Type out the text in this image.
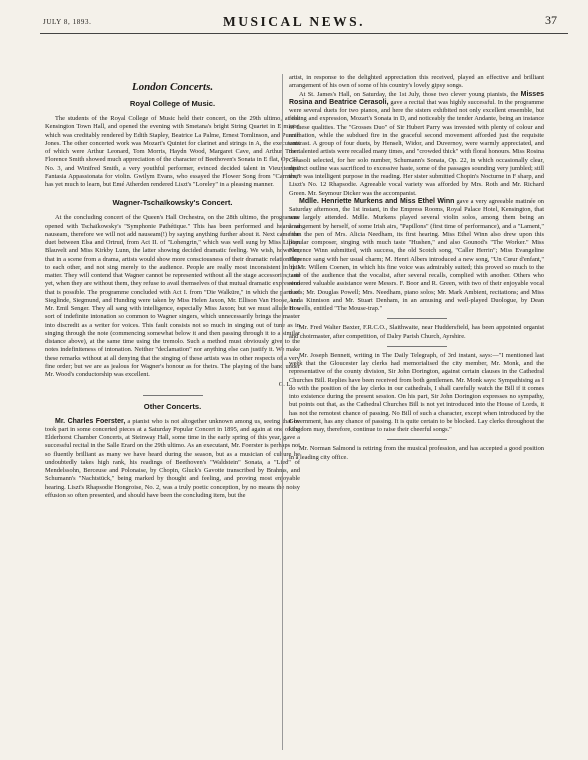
JULY 8, 1893.	MUSICAL NEWS.	37
London Concerts.
Royal College of Music.

The students of the Royal College of Music held their concert, on the 29th ultimo, at the Kensington Town Hall, and opened the evening with Smetana's bright String Quartet in E minor, which was creditably rendered by Edith Stapley, Beatrice La Palme, Ernest Tomlinson, and Purcell Jones. The other concerted work was Mozart's Quintet for clarinet and strings in A, the executants of which were Arthur Leonard, Tom Morris, Haydn Wood, Margaret Cave, and Arthur Treer. Florence Smith showed much appreciation of the character of Beethoven's Sonata in E flat, Op. 31, No. 3, and Winifred Smith, a very youthful performer, evinced decided talent in Vieuxtemps' Fantasia Appassionata for violin. Gwilym Evans, who essayed the Flower Song from "Carmen," has yet much to learn, but Emé Atherden rendered Liszt's "Loreley" in a pleasing manner.

Wagner-Tschaïkowsky's Concert.

At the concluding concert of the Queen's Hall Orchestra, on the 28th ultimo, the programme opened with Tschaïkowsky's "Symphonie Pathétique." This has been performed and heard ad nauseam, therefore we will not add nauseam(!) by saying anything further about it. Next came the duet between Elsa and Ortrud, from Act II. of "Lohengrin," which was well sung by Miss Lillian Blauvelt and Miss Kirkby Lunn, the latter showing decided dramatic feeling. We wish, however, that in a scene from a drama, artists would show more consciousness of their dramatic relationship to each other, and not sing merely to the audience. People are really most inconsistent in this matter. They will contend that Wagner cannot be represented without all the stage accessories; and yet, when they are without them, they refuse to avail themselves of that mutual dramatic expression that is possible. The programme concluded with Act I. from "Die Walküre," in which the parts of Sieglinde, Siegmund, and Hunding were taken by Miss Helen Jaxon, Mr. Ellison Van Hoose, and Mr. Emil Senger. They all sang with intelligence, especially Miss Jaxon; but we must allude to a sort of indefinite intonation so common to Wagner singers, which unnecessarily brings the master into discredit as a writer for voices. This fault consists not so much in singing out of tune as in singing through the note (commencing somewhat below it and then passing through it to a similar distance above), at the same time using the tremolo. Such a method must obviously give to the notes indefiniteness of intonation. Neither "declamation" nor anything else can justify it. We make these remarks without at all denying that the singing of these artists was in other respects of a very fine order; but we are as jealous for Wagner's honour as for theirs. The playing of the band under Mr. Wood's conductorship was excellent.

G. L.
Other Concerts.

Mr. Charles Foerster, a pianist who is not altogether unknown among us, seeing that he took part in some concerted pieces at a Saturday Popular Concert in 1895, and again at one of the Elderhorst Chamber Concerts, at Steinway Hall, some time in the early spring of this year, gave a successful recital in the Salle Erard on the 29th ultimo. As an executant, Mr. Foerster is perhaps not so fluently brilliant as many we have heard during the season, but as a musician of culture he undoubtedly takes high rank, his readings of Beethoven's "Waldstein" Sonata, a "Lied" of Mendelssohn, Berceuse and Polonaise, by Chopin, Gluck's Gavotte transcribed by Brahms, and Schumann's "Nachtstück," being marked by thought and feeling, and proving most enjoyable hearing. Liszt's Rhapsodie Hongroise, No. 2, was a truly poetic conception, by no means the noisy effusion so often presented, and should have been the concluding item, but the

artist, in response to the delighted appreciation this received, played an effective and brilliant arrangement of his own of some of his country's lovely gipsy songs.

At St. James's Hall, on Saturday, the 1st July, those two clever young pianists, the Misses Rosina and Beatrice Cerasoli, gave a recital that was highly successful. In the programme were several duets for two pianos, and here the sisters exhibited not only excellent ensemble, but feeling and expression, Mozart's Sonata in D, and noticeably the tender Andante, being an instance of these qualities. The "Grosses Duo" of Sir Hubert Parry was invested with plenty of colour and animation, while the subdued fire in the graceful second movement afforded just the requisite contrast. A group of four duets, by Henselt, Widor, and Duvernoy, were warmly appreciated, and the talented artists were recalled many times, and "crowded thick" with floral honours. Miss Rosina Cerasoli selected, for her solo number, Schumann's Sonata, Op. 22, in which occasionally clear, distinct outline was sacrificed to excessive haste, some of the passages sounding very jumbled; still there was intelligent purpose in the reading. Her sister submitted Chopin's Nocturne in F sharp, and Liszt's No. 12 Rhapsodie. Agreeable vocal variety was afforded by Mrs. Roth and Mr. Richard Green. Mr. Seymour Dicker was the accompanist.

Mdlle. Henriette Murkens and Miss Ethel Winn gave a very agreeable matinée on Saturday afternoon, the 1st instant, in the Empress Rooms, Royal Palace Hotel, Kensington, that was largely attended. Mdlle. Murkens played several violin solos, among them being an arrangement by herself, of some Irish airs, "Papillons" (first time of performance), and a "Lament," from the pen of Mrs. Alicia Needham, its first hearing. Miss Ethel Winn also drew upon this popular composer, singing with much taste "Hushen," and also Gounod's "The Worker." Miss Florence Winn submitted, with success, the old Scotch song, "Caller Herrin"; Miss Evangeline Florence sang with her usual charm; M. Henri Albers introduced a new song, "Un Cœur d'enfant," by Mr. Willem Coenen, in which his fine voice was admirably suited; this proved so much to the taste of the audience that the vocalist, after several recalls, complied with another. Others who rendered valuable assistance were Messrs. F. Boor and R. Green, with two of their enjoyable vocal duets; Mr. Douglas Powell; Mrs. Needham, piano solos; Mr. Mark Ambient, recitations; and Miss Anna Kinnison and Mr. Stuart Denham, in an amusing and well-played Duologue, by Dean Howells, entitled "The Mouse-trap."

Mr. Fred Walter Baxter, F.R.C.O., Slaithwaite, near Huddersfield, has been appointed organist and choirmaster, after competition, of Dalry Parish Church, Ayrshire.

Mr. Joseph Bennett, writing in The Daily Telegraph, of 3rd instant, says:—"I mentioned last week that the Gloucester lay clerks had memorialised the city member, Mr. Monk, and the representative of the county division, Sir John Dorington, against certain clauses in the Cathedral Churches Bill. Replies have been received from both gentlemen. Mr. Monk says: Sympathising as I do with the position of the lay clerks in our cathedrals, I shall carefully watch the Bill if it comes into existence during the present session. On his part, Sir John Dorington expresses no sympathy, but points out that, as the Cathedral Churches Bill is not yet introduced into the House of Lords, it has not the remotest chance of passing. No Bill of such a character, except when introduced by the Government, has any chance of passing. It is quite certain to be blocked. Lay clerks throughout the kingdom may, therefore, continue to raise their cheerful songs."

Mr. Norman Salmond is retiring from the musical profession, and has accepted a good position in a leading city office.
